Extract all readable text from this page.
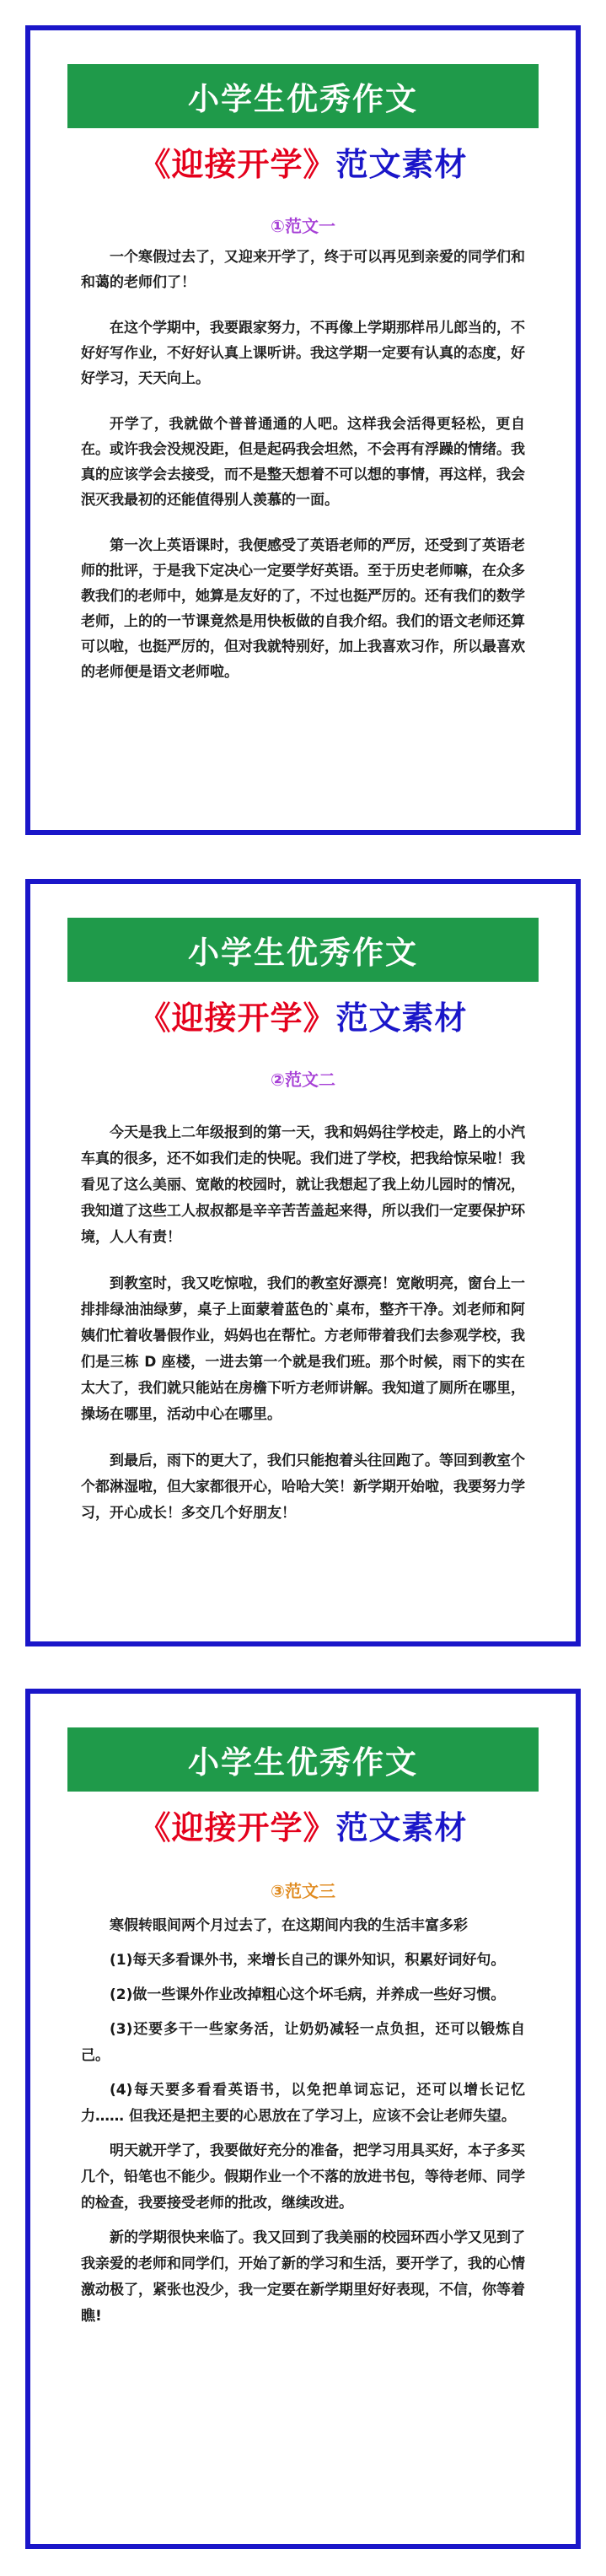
小学生优秀作文
《迎接开学》范文素材
①范文一

一个寒假过去了，又迎来开学了，终于可以再见到亲爱的同学们和和蔼的老师们了！

在这个学期中，我要跟家努力，不再像上学期那样吊儿郎当的，不好好写作业，不好好认真上课听讲。我这学期一定要有认真的态度，好好学习，天天向上。

开学了，我就做个普普通通的人吧。这样我会活得更轻松，更自在。或许我会没规没距，但是起码我会坦然，不会再有浮躁的情绪。我真的应该学会去接受，而不是整天想着不可以想的事情，再这样，我会泯灭我最初的还能值得别人羡慕的一面。

第一次上英语课时，我便感受了英语老师的严厉，还受到了英语老师的批评，于是我下定决心一定要学好英语。至于历史老师嘛，在众多教我们的老师中，她算是友好的了，不过也挺严厉的。还有我们的数学老师，上的的一节课竟然是用快板做的自我介绍。我们的语文老师还算可以啦，也挺严厉的，但对我就特别好，加上我喜欢习作，所以最喜欢的老师便是语文老师啦。

小学生优秀作文
《迎接开学》范文素材
②范文二

今天是我上二年级报到的第一天，我和妈妈往学校走，路上的小汽车真的很多，还不如我们走的快呢。我们进了学校，把我给惊呆啦！我看见了这么美丽、宽敞的校园时，就让我想起了我上幼儿园时的情况，我知道了这些工人叔叔都是辛辛苦苦盖起来得，所以我们一定要保护环境，人人有责！

到教室时，我又吃惊啦，我们的教室好漂亮！宽敞明亮，窗台上一排排绿油油绿萝，桌子上面蒙着蓝色的`桌布，整齐干净。刘老师和阿姨们忙着收暑假作业，妈妈也在帮忙。方老师带着我们去参观学校，我们是三栋 D 座楼，一进去第一个就是我们班。那个时候，雨下的实在太大了，我们就只能站在房檐下听方老师讲解。我知道了厕所在哪里，操场在哪里，活动中心在哪里。

到最后，雨下的更大了，我们只能抱着头往回跑了。等回到教室个个都淋湿啦，但大家都很开心，哈哈大笑！新学期开始啦，我要努力学习，开心成长！多交几个好朋友！

小学生优秀作文
《迎接开学》范文素材
③范文三

寒假转眼间两个月过去了，在这期间内我的生活丰富多彩

(1)每天多看课外书，来增长自己的课外知识，积累好词好句。

(2)做一些课外作业改掉粗心这个坏毛病，并养成一些好习惯。

(3)还要多干一些家务活，让奶奶减轻一点负担，还可以锻炼自己。

(4)每天要多看看英语书，以免把单词忘记，还可以增长记忆力…… 但我还是把主要的心思放在了学习上，应该不会让老师失望。

明天就开学了，我要做好充分的准备，把学习用具买好，本子多买几个，铅笔也不能少。假期作业一个不落的放进书包，等待老师、同学的检查，我要接受老师的批改，继续改进。

新的学期很快来临了。我又回到了我美丽的校园环西小学又见到了我亲爱的老师和同学们，开始了新的学习和生活，要开学了，我的心情激动极了，紧张也没少，我一定要在新学期里好好表现，不信，你等着瞧!
